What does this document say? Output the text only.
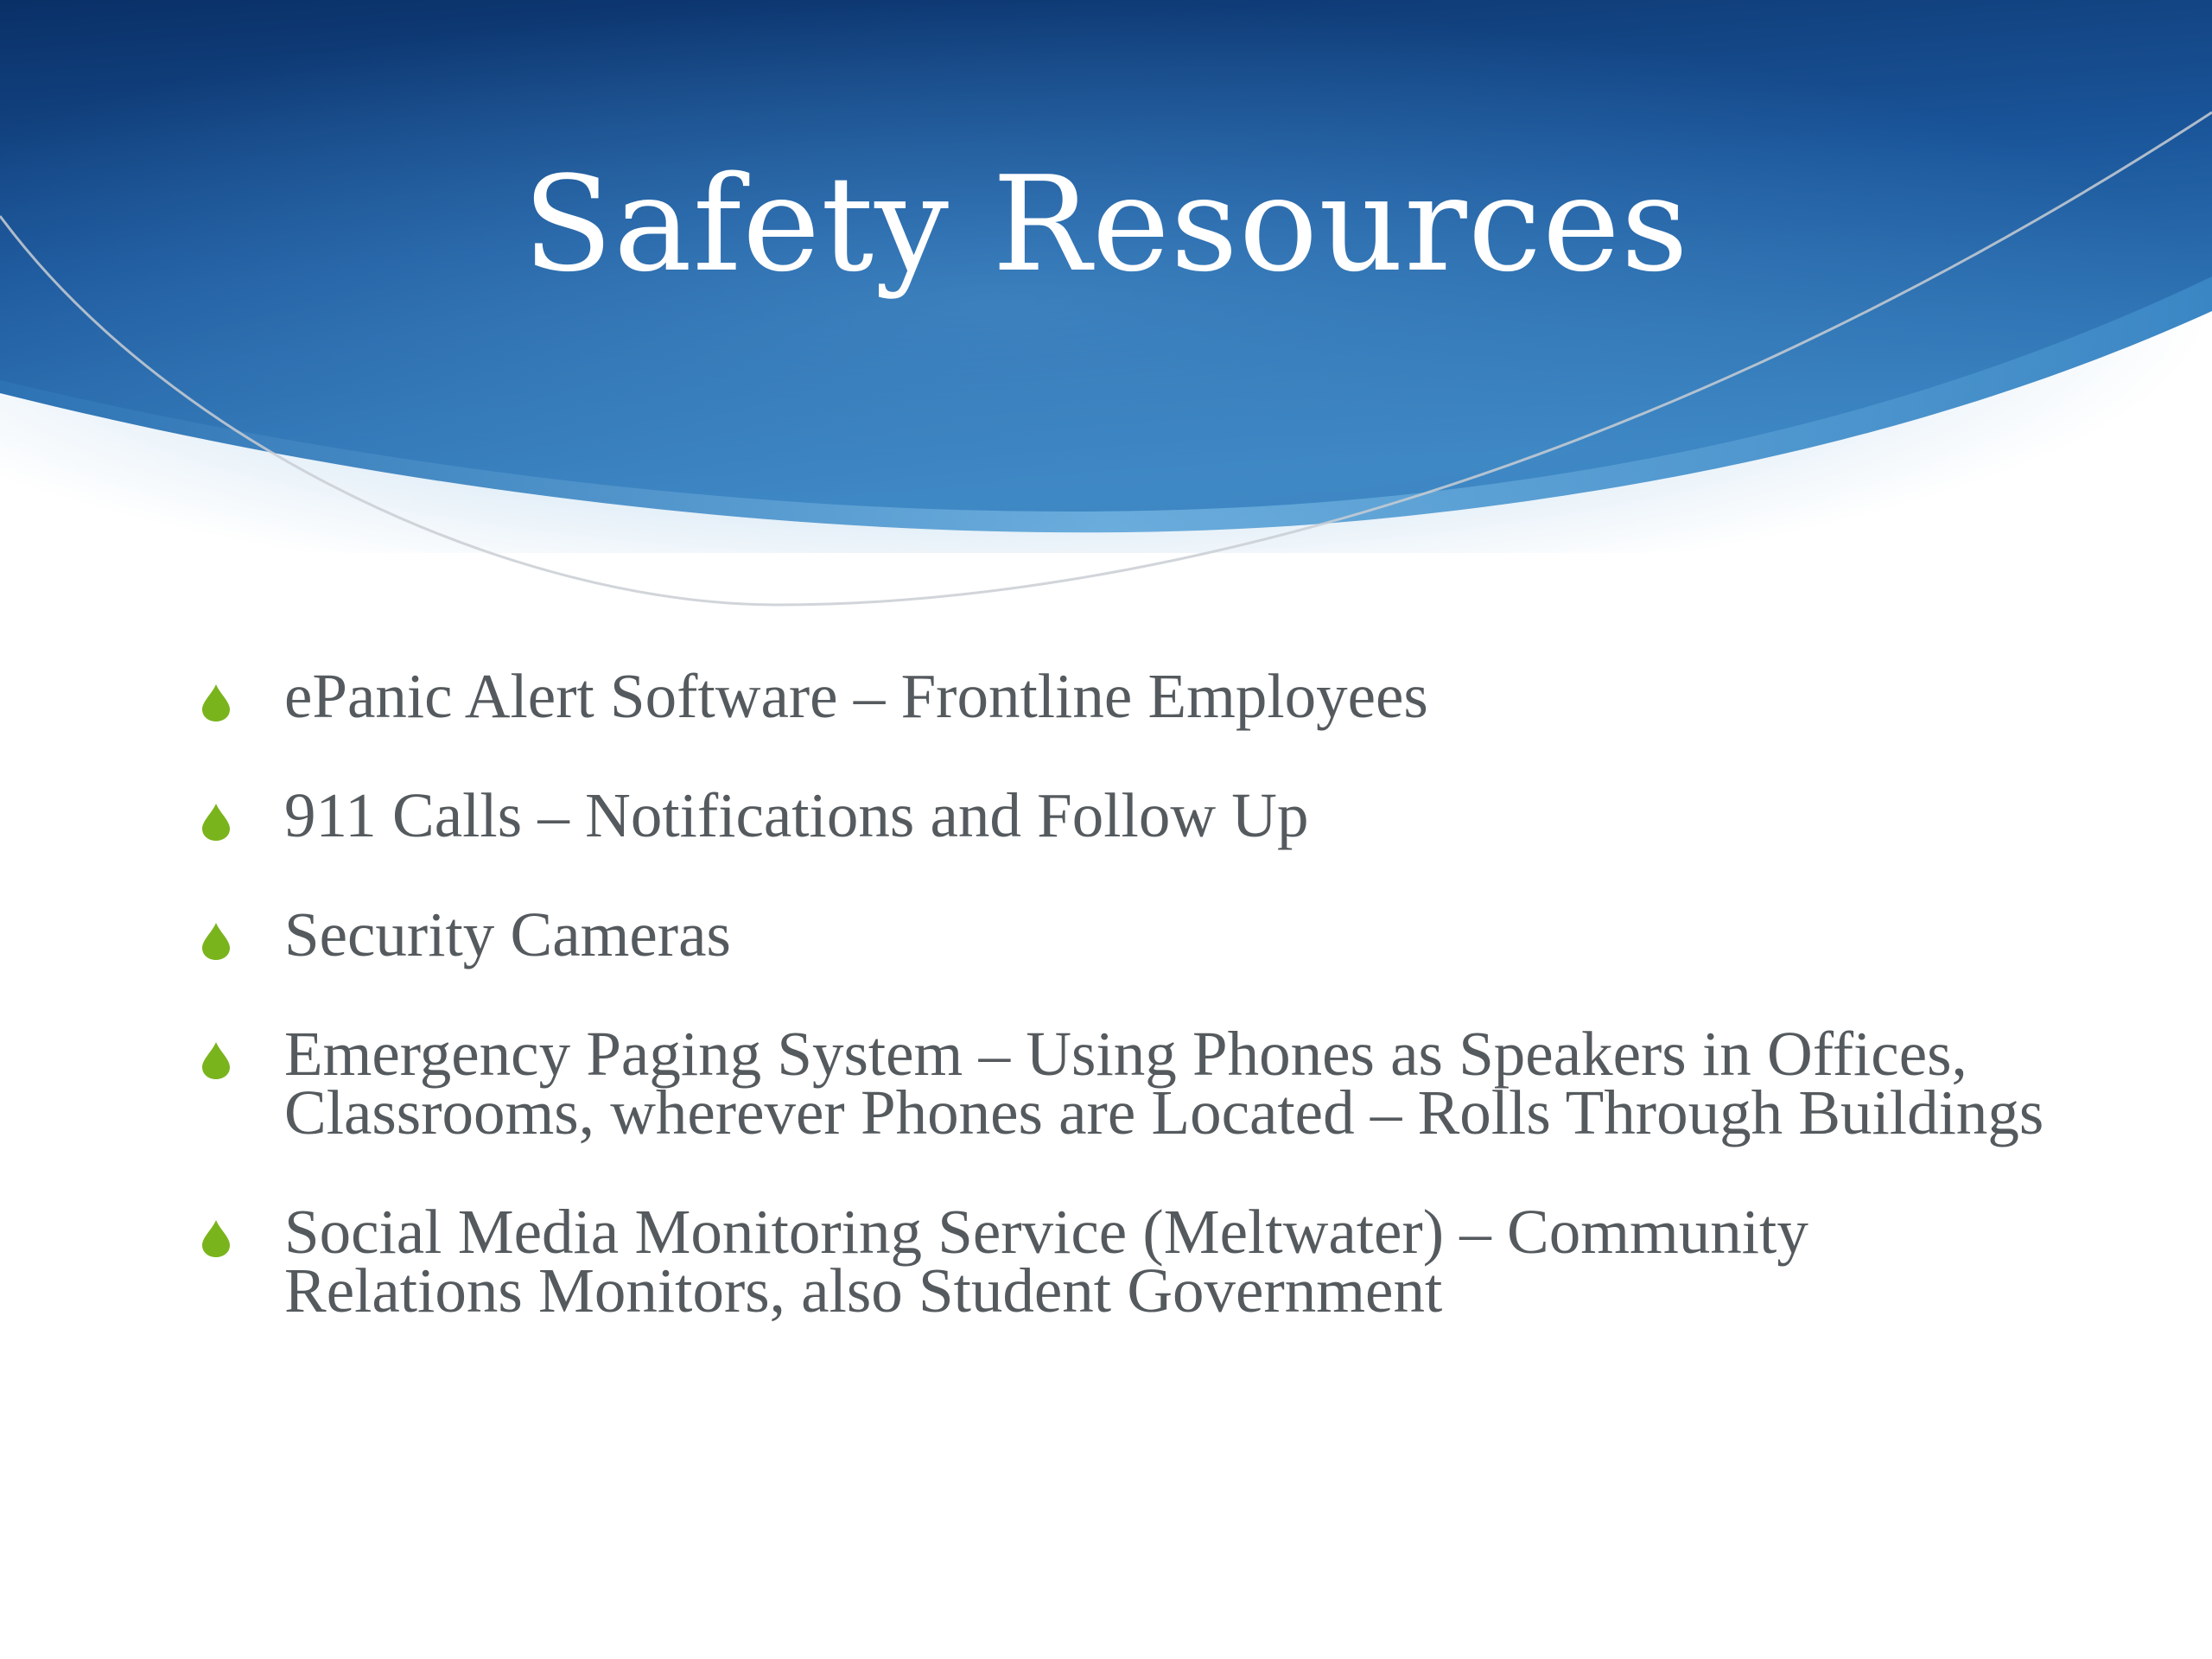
Safety Resources
ePanic Alert Software – Frontline Employees
911 Calls – Notifications and Follow Up
Security Cameras
Emergency Paging System – Using Phones as Speakers in Offices, Classrooms, wherever Phones are Located – Rolls Through Buildings
Social Media Monitoring Service (Meltwater) – Community Relations Monitors, also Student Government
